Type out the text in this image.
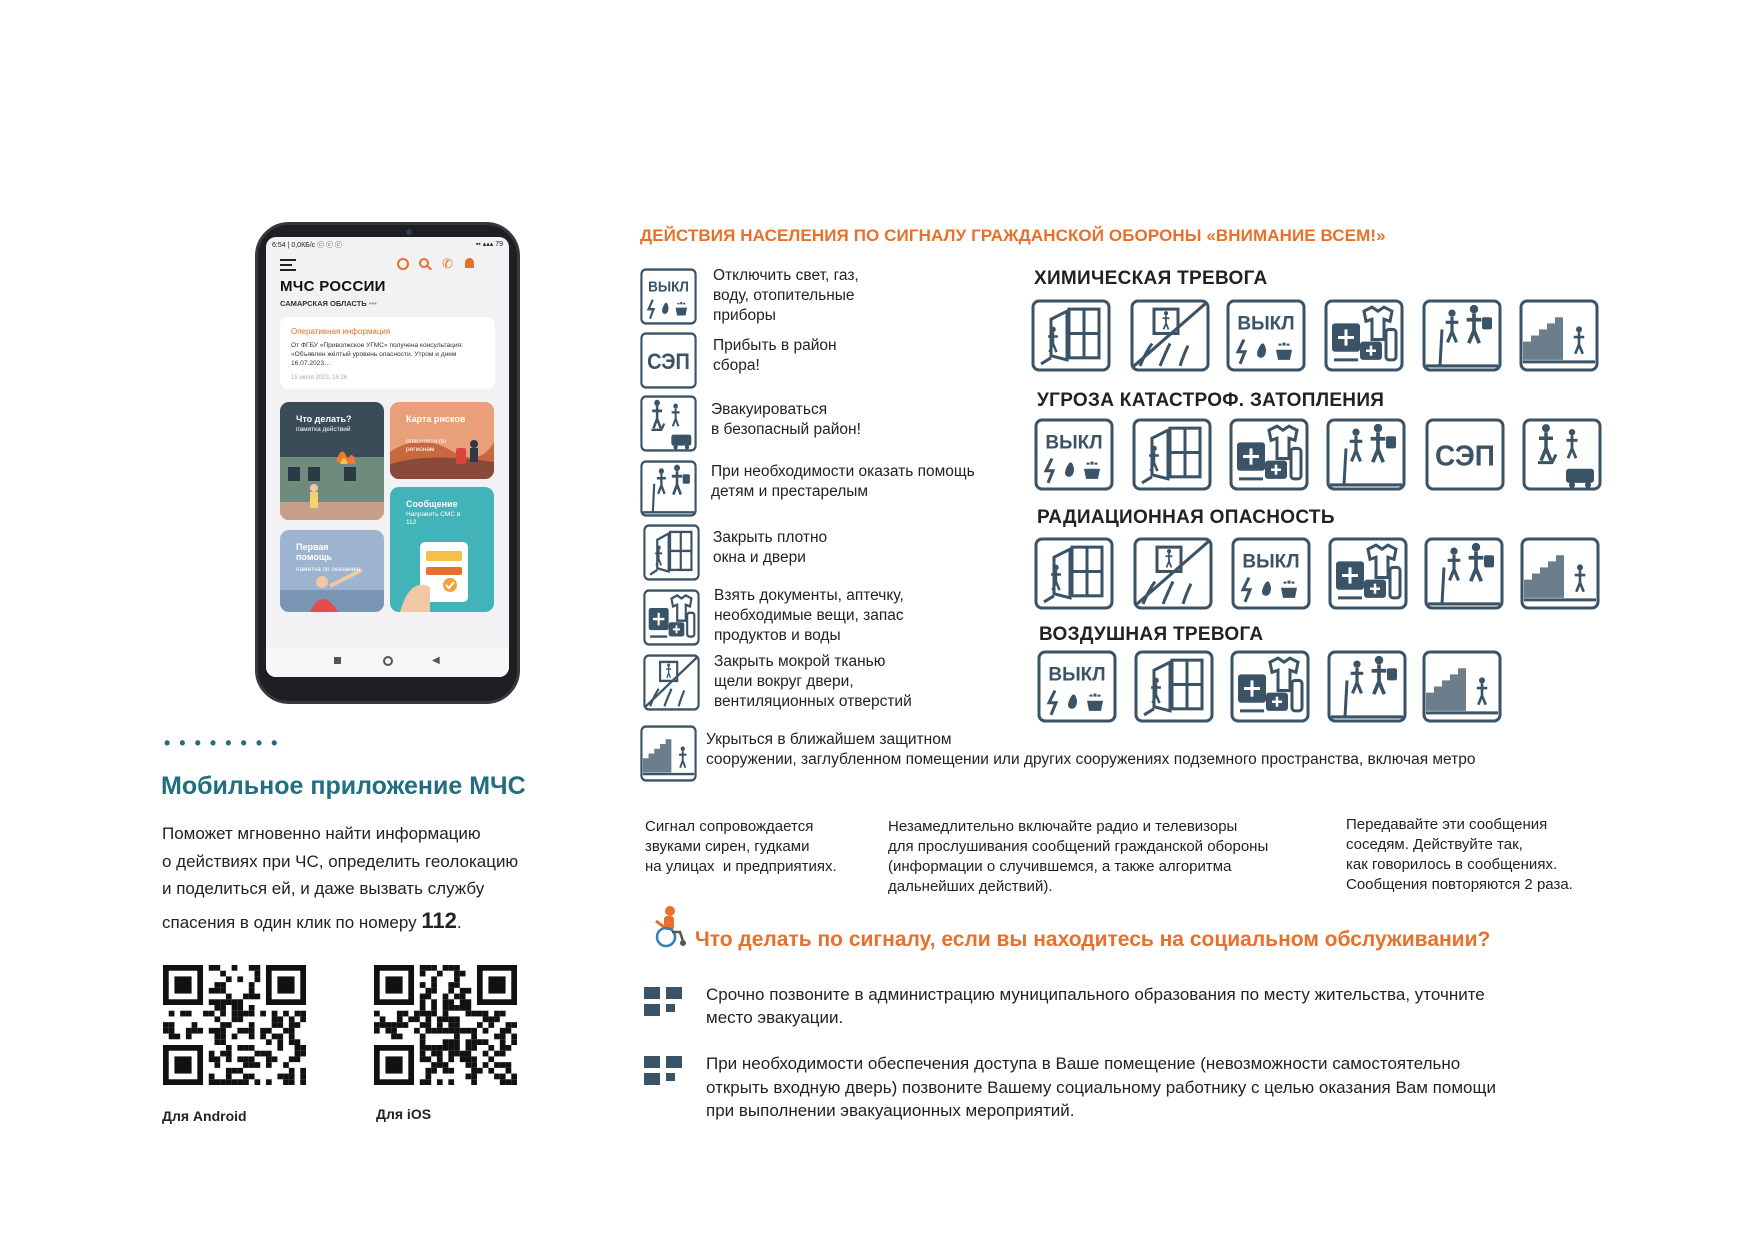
6:54 | 0,0КБ/с ⓒ ⓒ ⓒ	▪▪ ▴▴▴ 79
✆
МЧС РОССИИ
САМАРСКАЯ ОБЛАСТЬ •••
Оперативная информация
От ФГБУ «Приволжское УГМС» получена консультация: «Объявлен жёлтый уровень опасности. Утром и днем 16.07.2023…
15 июля 2023, 15:26
Что делать?
памятка действий
Карта рисков
опасности по регионам
Первая помощь
памятка по оказанию
Сообщение
Направить СМС в 112
◀
• • • • • • • •
Мобильное приложение МЧС
Поможет мгновенно найти информацию
о действиях при ЧС, определить геолокацию
и поделиться ей, и даже вызвать службу
спасения в один клик по номеру 112.
Для Android	Для iOS
ДЕЙСТВИЯ НАСЕЛЕНИЯ ПО СИГНАЛУ ГРАЖДАНСКОЙ ОБОРОНЫ «ВНИМАНИЕ ВСЕМ!»
ВЫКЛ
Отключить свет, газ,
воду, отопительные
приборы
СЭП
Прибыть в район
сбора!
Эвакуироваться
в безопасный район!
При необходимости оказать помощь
детям и престарелым
Закрыть плотно
окна и двери
Взять документы, аптечку,
необходимые вещи, запас
продуктов и воды
Закрыть мокрой тканью
щели вокруг двери,
вентиляционных отверстий
Укрыться в ближайшем защитном
сооружении, заглубленном помещении или других сооружениях подземного пространства, включая метро
ХИМИЧЕСКАЯ ТРЕВОГА
УГРОЗА КАТАСТРОФ. ЗАТОПЛЕНИЯ
РАДИАЦИОННАЯ ОПАСНОСТЬ
ВОЗДУШНАЯ ТРЕВОГА
ВЫКЛ
ВЫКЛ	СЭП
ВЫКЛ
ВЫКЛ
Сигнал сопровождается
звуками сирен, гудками
на улицах  и предприятиях.
Незамедлительно включайте радио и телевизоры
для прослушивания сообщений гражданской обороны
(информации о случившемся, а также алгоритма
дальнейших действий).
Передавайте эти сообщения
соседям. Действуйте так,
как говорилось в сообщениях.
Сообщения повторяются 2 раза.
Что делать по сигналу, если вы находитесь на социальном обслуживании?
Срочно позвоните в администрацию муниципального образования по месту жительства, уточните
место эвакуации.
При необходимости обеспечения доступа в Ваше помещение (невозможности самостоятельно
открыть входную дверь) позвоните Вашему социальному работнику с целью оказания Вам помощи
при выполнении эвакуационных мероприятий.
